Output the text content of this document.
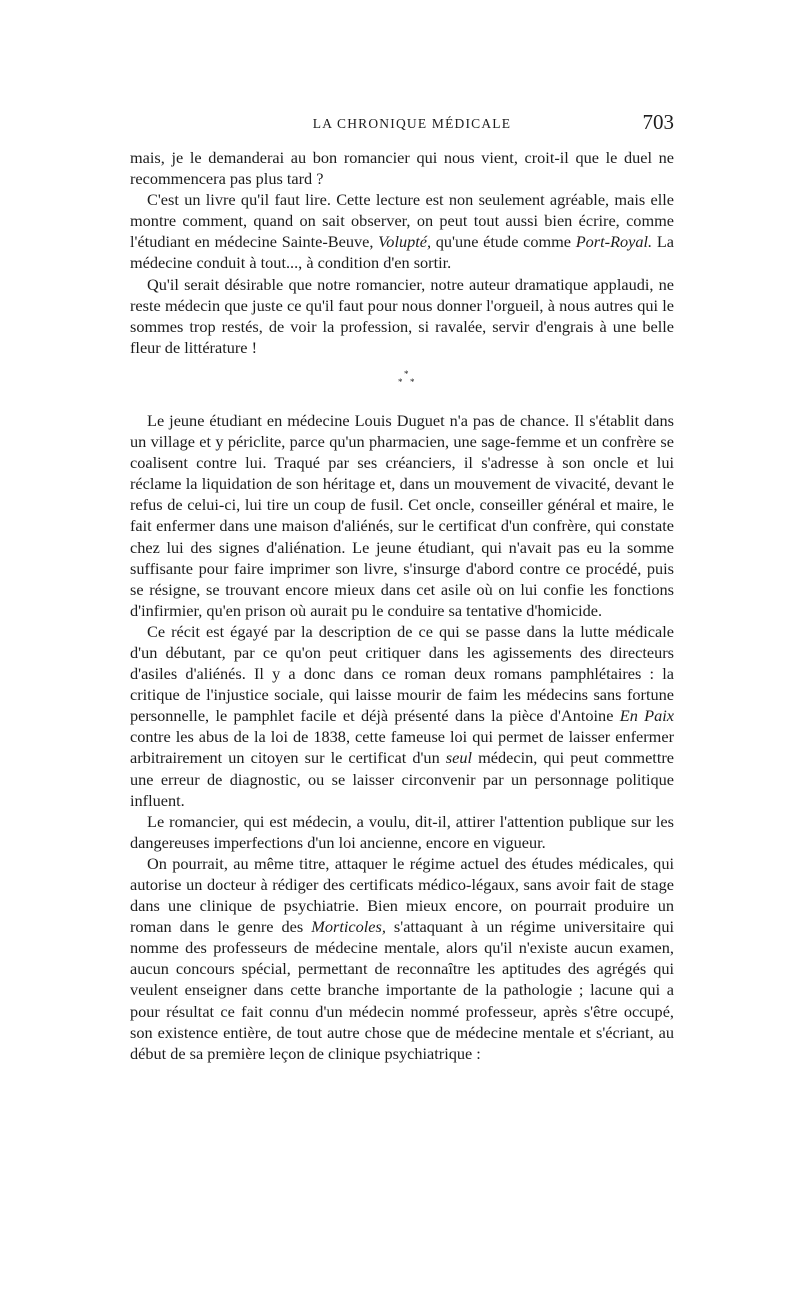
LA CHRONIQUE MÉDICALE	703

mais, je le demanderai au bon romancier qui nous vient, croit-il que le duel ne recommencera pas plus tard ?

C'est un livre qu'il faut lire. Cette lecture est non seulement agréable, mais elle montre comment, quand on sait observer, on peut tout aussi bien écrire, comme l'étudiant en médecine Sainte-Beuve, Volupté, qu'une étude comme Port-Royal. La médecine conduit à tout..., à condition d'en sortir.

Qu'il serait désirable que notre romancier, notre auteur dramatique applaudi, ne reste médecin que juste ce qu'il faut pour nous donner l'orgueil, à nous autres qui le sommes trop restés, de voir la profession, si ravalée, servir d'engrais à une belle fleur de littérature !

*
* *

Le jeune étudiant en médecine Louis Duguet n'a pas de chance. Il s'établit dans un village et y périclite, parce qu'un pharmacien, une sage-femme et un confrère se coalisent contre lui. Traqué par ses créanciers, il s'adresse à son oncle et lui réclame la liquidation de son héritage et, dans un mouvement de vivacité, devant le refus de celui-ci, lui tire un coup de fusil. Cet oncle, conseiller général et maire, le fait enfermer dans une maison d'aliénés, sur le certificat d'un confrère, qui constate chez lui des signes d'aliénation. Le jeune étudiant, qui n'avait pas eu la somme suffisante pour faire imprimer son livre, s'insurge d'abord contre ce procédé, puis se résigne, se trouvant encore mieux dans cet asile où on lui confie les fonctions d'infirmier, qu'en prison où aurait pu le conduire sa tentative d'homicide.

Ce récit est égayé par la description de ce qui se passe dans la lutte médicale d'un débutant, par ce qu'on peut critiquer dans les agissements des directeurs d'asiles d'aliénés. Il y a donc dans ce roman deux romans pamphlétaires : la critique de l'injustice sociale, qui laisse mourir de faim les médecins sans fortune personnelle, le pamphlet facile et déjà présenté dans la pièce d'Antoine En Paix contre les abus de la loi de 1838, cette fameuse loi qui permet de laisser enfermer arbitrairement un citoyen sur le certificat d'un seul médecin, qui peut commettre une erreur de diagnostic, ou se laisser circonvenir par un personnage politique influent.

Le romancier, qui est médecin, a voulu, dit-il, attirer l'attention publique sur les dangereuses imperfections d'un loi ancienne, encore en vigueur.

On pourrait, au même titre, attaquer le régime actuel des études médicales, qui autorise un docteur à rédiger des certificats médico-légaux, sans avoir fait de stage dans une clinique de psychiatrie. Bien mieux encore, on pourrait produire un roman dans le genre des Morticoles, s'attaquant à un régime universitaire qui nomme des professeurs de médecine mentale, alors qu'il n'existe aucun examen, aucun concours spécial, permettant de reconnaître les aptitudes des agrégés qui veulent enseigner dans cette branche importante de la pathologie ; lacune qui a pour résultat ce fait connu d'un médecin nommé professeur, après s'être occupé, son existence entière, de tout autre chose que de médecine mentale et s'écriant, au début de sa première leçon de clinique psychiatrique :
